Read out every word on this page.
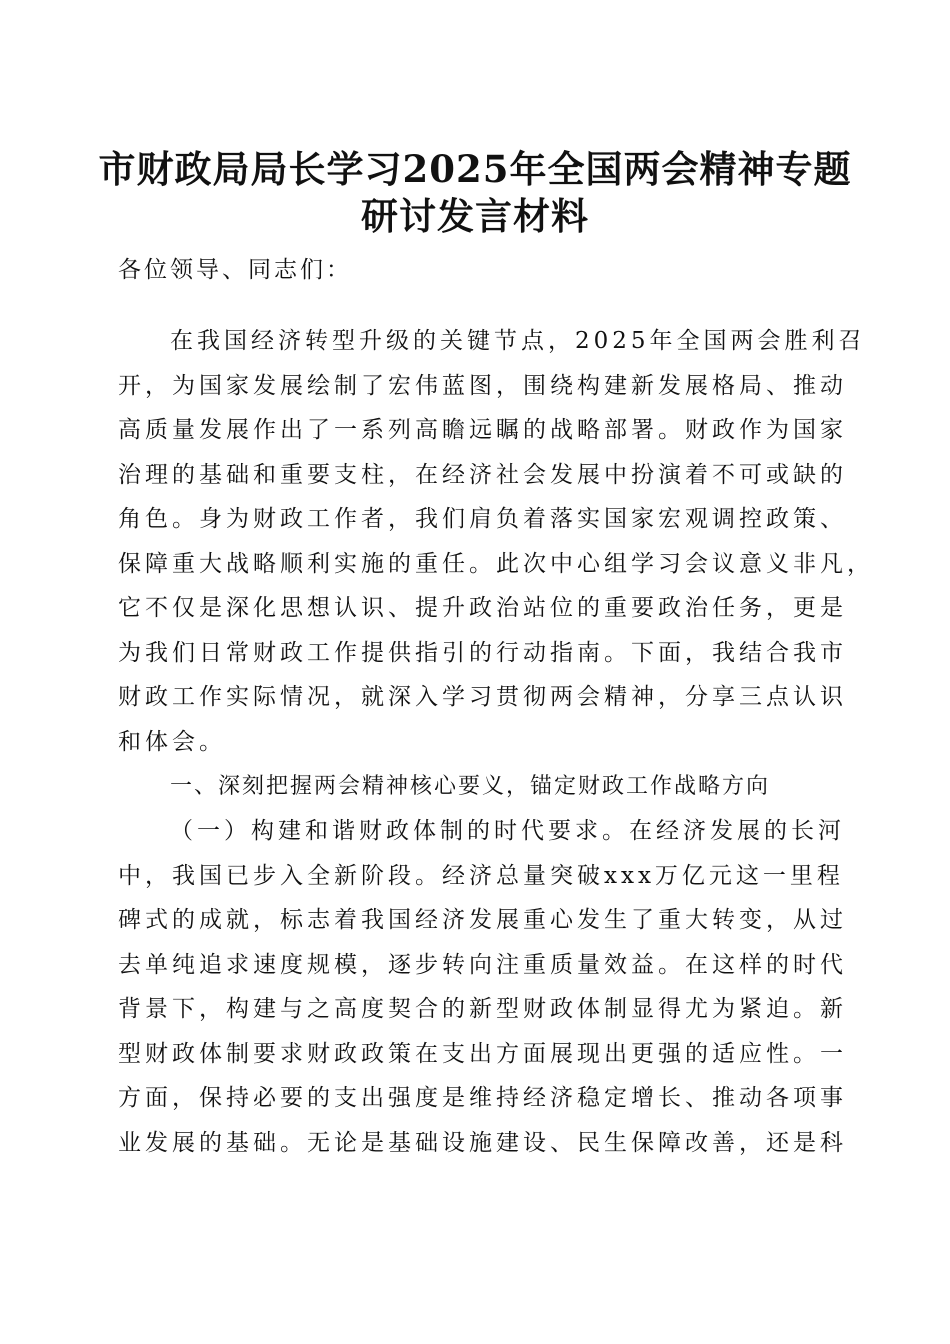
市财政局局长学习2025年全国两会精神专题
研讨发言材料
各位领导、同志们：
在我国经济转型升级的关键节点，2025年全国两会胜利召
开，为国家发展绘制了宏伟蓝图，围绕构建新发展格局、推动
高质量发展作出了一系列高瞻远瞩的战略部署。财政作为国家
治理的基础和重要支柱，在经济社会发展中扮演着不可或缺的
角色。身为财政工作者，我们肩负着落实国家宏观调控政策、
保障重大战略顺利实施的重任。此次中心组学习会议意义非凡，
它不仅是深化思想认识、提升政治站位的重要政治任务，更是
为我们日常财政工作提供指引的行动指南。下面，我结合我市
财政工作实际情况，就深入学习贯彻两会精神，分享三点认识
和体会。
一、深刻把握两会精神核心要义，锚定财政工作战略方向
（一）构建和谐财政体制的时代要求。在经济发展的长河
中，我国已步入全新阶段。经济总量突破xxx万亿元这一里程
碑式的成就，标志着我国经济发展重心发生了重大转变，从过
去单纯追求速度规模，逐步转向注重质量效益。在这样的时代
背景下，构建与之高度契合的新型财政体制显得尤为紧迫。新
型财政体制要求财政政策在支出方面展现出更强的适应性。一
方面，保持必要的支出强度是维持经济稳定增长、推动各项事
业发展的基础。无论是基础设施建设、民生保障改善，还是科
